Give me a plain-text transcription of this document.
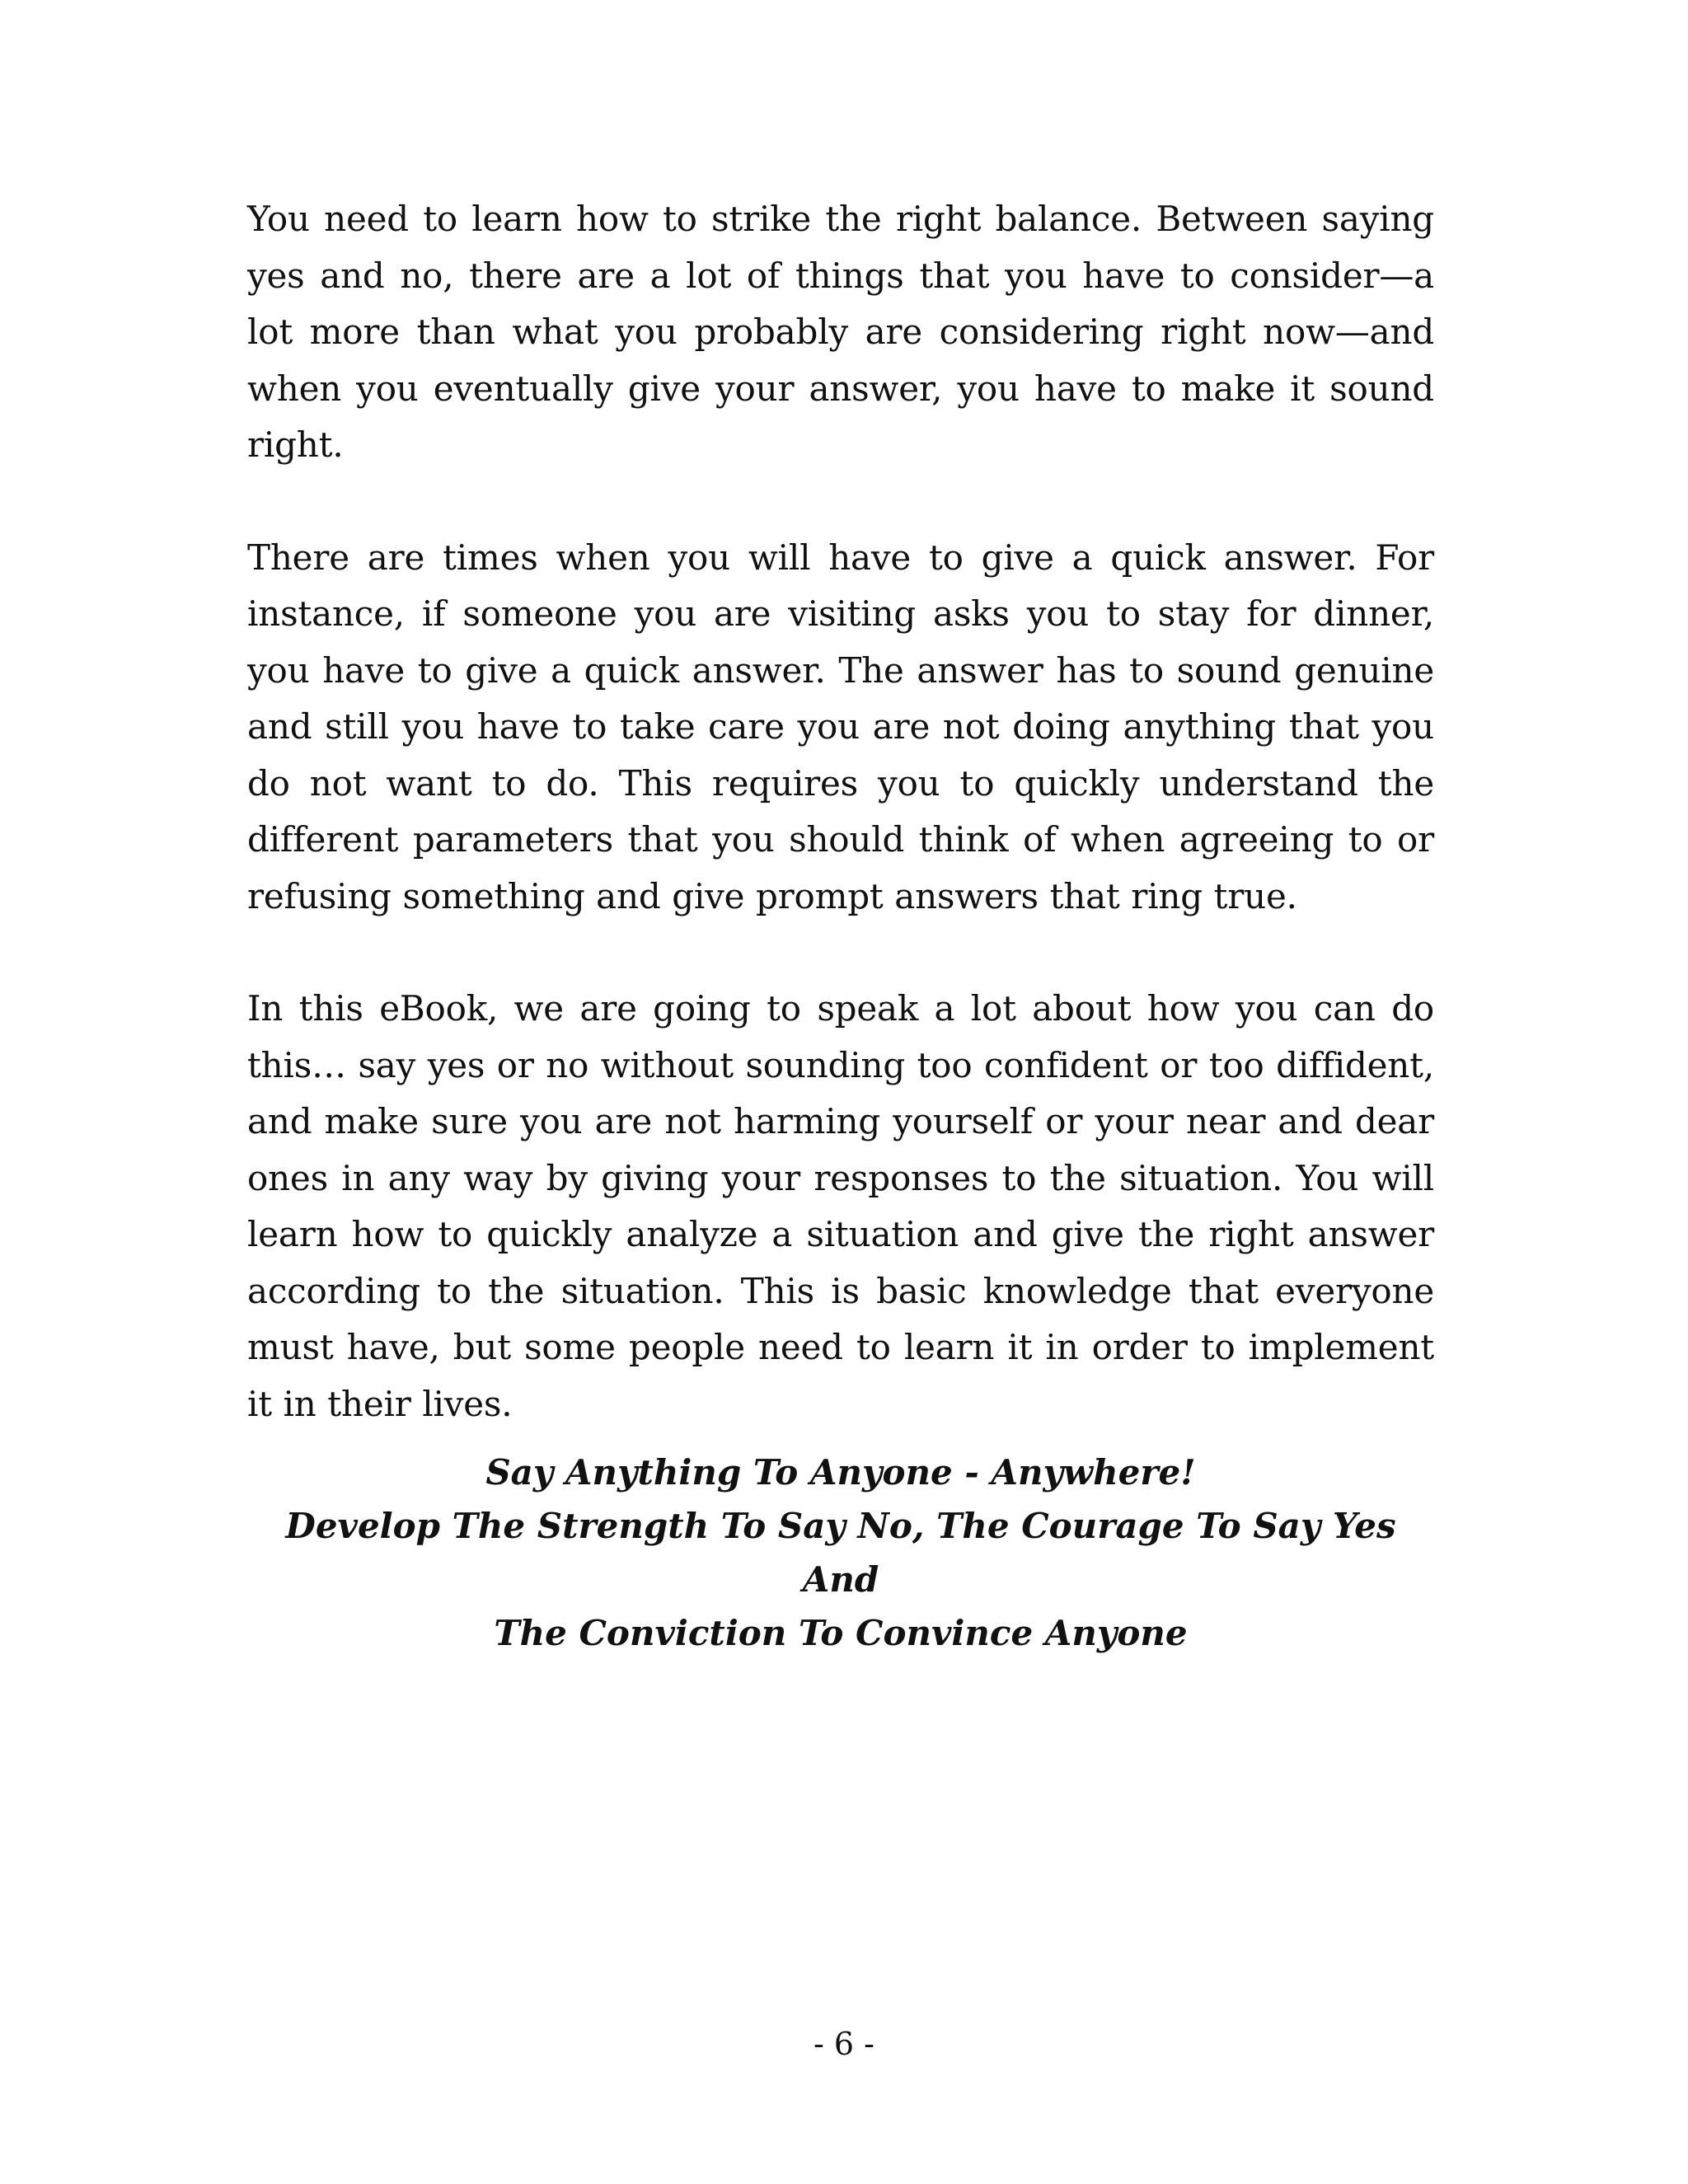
You need to learn how to strike the right balance. Between saying yes and no, there are a lot of things that you have to consider—a lot more than what you probably are considering right now—and when you eventually give your answer, you have to make it sound right.

There are times when you will have to give a quick answer. For instance, if someone you are visiting asks you to stay for dinner, you have to give a quick answer. The answer has to sound genuine and still you have to take care you are not doing anything that you do not want to do. This requires you to quickly understand the different parameters that you should think of when agreeing to or refusing something and give prompt answers that ring true.

In this eBook, we are going to speak a lot about how you can do this… say yes or no without sounding too confident or too diffident, and make sure you are not harming yourself or your near and dear ones in any way by giving your responses to the situation. You will learn how to quickly analyze a situation and give the right answer according to the situation. This is basic knowledge that everyone must have, but some people need to learn it in order to implement it in their lives.

Say Anything To Anyone - Anywhere!
Develop The Strength To Say No, The Courage To Say Yes And
The Conviction To Convince Anyone
- 6 -
